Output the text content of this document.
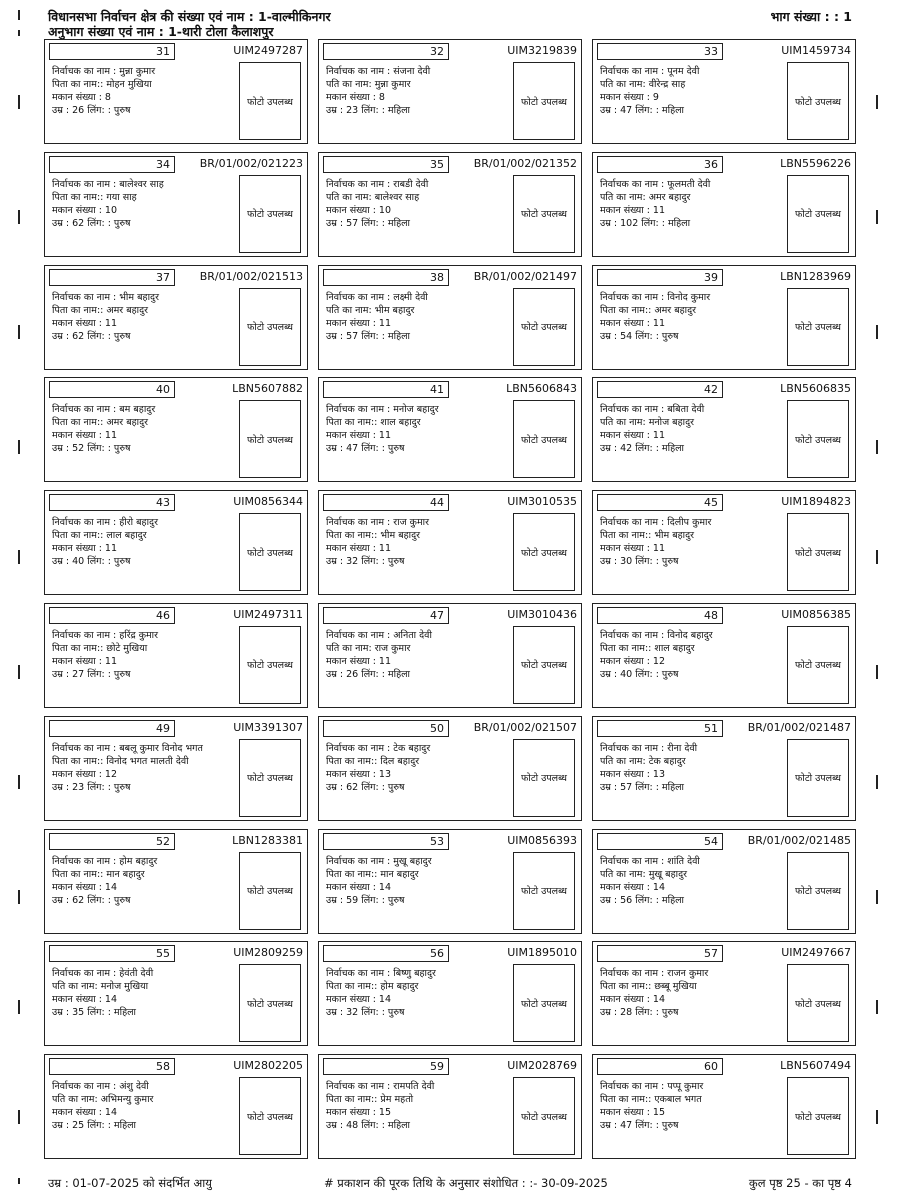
विधानसभा निर्वाचन क्षेत्र की संख्या एवं नाम : 1-वाल्मीकिनगर
अनुभाग संख्या एवं नाम : 1-थारी टोला कैलाशपुर
भाग संख्या : : 1
31	UIM2497287
निर्वाचक का नाम : मुन्ना कुमार
पिता का नाम:: मोहन मुखिया
मकान संख्या : 8
उम्र : 26 लिंग: : पुरुष
फोटो उपलब्ध
32	UIM3219839
निर्वाचक का नाम : संजना देवी
पति का नाम: मुन्ना कुमार
मकान संख्या : 8
उम्र : 23 लिंग: : महिला
फोटो उपलब्ध
33	UIM1459734
निर्वाचक का नाम : पूनम देवी
पति का नाम: वीरेन्द्र साह
मकान संख्या : 9
उम्र : 47 लिंग: : महिला
फोटो उपलब्ध
34	BR/01/002/021223
निर्वाचक का नाम : बालेश्वर साह
पिता का नाम:: गया साह
मकान संख्या : 10
उम्र : 62 लिंग: : पुरुष
फोटो उपलब्ध
35	BR/01/002/021352
निर्वाचक का नाम : राबडी देवी
पति का नाम: बालेश्वर साह
मकान संख्या : 10
उम्र : 57 लिंग: : महिला
फोटो उपलब्ध
36	LBN5596226
निर्वाचक का नाम : फूलमती देवी
पति का नाम: अमर बहादुर
मकान संख्या : 11
उम्र : 102 लिंग: : महिला
फोटो उपलब्ध
37	BR/01/002/021513
निर्वाचक का नाम : भीम बहादुर
पिता का नाम:: अमर बहादुर
मकान संख्या : 11
उम्र : 62 लिंग: : पुरुष
फोटो उपलब्ध
38	BR/01/002/021497
निर्वाचक का नाम : लक्ष्मी देवी
पति का नाम: भीम बहादुर
मकान संख्या : 11
उम्र : 57 लिंग: : महिला
फोटो उपलब्ध
39	LBN1283969
निर्वाचक का नाम : विनोद कुमार
पिता का नाम:: अमर बहादुर
मकान संख्या : 11
उम्र : 54 लिंग: : पुरुष
फोटो उपलब्ध
40	LBN5607882
निर्वाचक का नाम : बम बहादुर
पिता का नाम:: अमर बहादुर
मकान संख्या : 11
उम्र : 52 लिंग: : पुरुष
फोटो उपलब्ध
41	LBN5606843
निर्वाचक का नाम : मनोज बहादुर
पिता का नाम:: शाल बहादुर
मकान संख्या : 11
उम्र : 47 लिंग: : पुरुष
फोटो उपलब्ध
42	LBN5606835
निर्वाचक का नाम : बबिता देवी
पति का नाम: मनोज बहादुर
मकान संख्या : 11
उम्र : 42 लिंग: : महिला
फोटो उपलब्ध
43	UIM0856344
निर्वाचक का नाम : हीरो बहादुर
पिता का नाम:: लाल बहादुर
मकान संख्या : 11
उम्र : 40 लिंग: : पुरुष
फोटो उपलब्ध
44	UIM3010535
निर्वाचक का नाम : राज कुमार
पिता का नाम:: भीम बहादुर
मकान संख्या : 11
उम्र : 32 लिंग: : पुरुष
फोटो उपलब्ध
45	UIM1894823
निर्वाचक का नाम : दिलीप कुमार
पिता का नाम:: भीम बहादुर
मकान संख्या : 11
उम्र : 30 लिंग: : पुरुष
फोटो उपलब्ध
46	UIM2497311
निर्वाचक का नाम : हरिंद्र कुमार
पिता का नाम:: छोटे मुखिया
मकान संख्या : 11
उम्र : 27 लिंग: : पुरुष
फोटो उपलब्ध
47	UIM3010436
निर्वाचक का नाम : अनिता देवी
पति का नाम: राज कुमार
मकान संख्या : 11
उम्र : 26 लिंग: : महिला
फोटो उपलब्ध
48	UIM0856385
निर्वाचक का नाम : विनोद बहादुर
पिता का नाम:: शाल बहादुर
मकान संख्या : 12
उम्र : 40 लिंग: : पुरुष
फोटो उपलब्ध
49	UIM3391307
निर्वाचक का नाम : बबलू कुमार विनोद भगत
पिता का नाम:: विनोद भगत मालती देवी
मकान संख्या : 12
उम्र : 23 लिंग: : पुरुष
फोटो उपलब्ध
50	BR/01/002/021507
निर्वाचक का नाम : टेक बहादुर
पिता का नाम:: दिल बहादुर
मकान संख्या : 13
उम्र : 62 लिंग: : पुरुष
फोटो उपलब्ध
51	BR/01/002/021487
निर्वाचक का नाम : रीना देवी
पति का नाम: टेक बहादुर
मकान संख्या : 13
उम्र : 57 लिंग: : महिला
फोटो उपलब्ध
52	LBN1283381
निर्वाचक का नाम : होम बहादुर
पिता का नाम:: मान बहादुर
मकान संख्या : 14
उम्र : 62 लिंग: : पुरुष
फोटो उपलब्ध
53	UIM0856393
निर्वाचक का नाम : मुखू बहादुर
पिता का नाम:: मान बहादुर
मकान संख्या : 14
उम्र : 59 लिंग: : पुरुष
फोटो उपलब्ध
54	BR/01/002/021485
निर्वाचक का नाम : शांति देवी
पति का नाम: मुखू बहादुर
मकान संख्या : 14
उम्र : 56 लिंग: : महिला
फोटो उपलब्ध
55	UIM2809259
निर्वाचक का नाम : हेवंती देवी
पति का नाम: मनोज मुखिया
मकान संख्या : 14
उम्र : 35 लिंग: : महिला
फोटो उपलब्ध
56	UIM1895010
निर्वाचक का नाम : बिष्णु बहादुर
पिता का नाम:: होम बहादुर
मकान संख्या : 14
उम्र : 32 लिंग: : पुरुष
फोटो उपलब्ध
57	UIM2497667
निर्वाचक का नाम : राजन कुमार
पिता का नाम:: छब्बू मुखिया
मकान संख्या : 14
उम्र : 28 लिंग: : पुरुष
फोटो उपलब्ध
58	UIM2802205
निर्वाचक का नाम : अंशु देवी
पति का नाम: अभिमन्यु कुमार
मकान संख्या : 14
उम्र : 25 लिंग: : महिला
फोटो उपलब्ध
59	UIM2028769
निर्वाचक का नाम : रामपति देवी
पिता का नाम:: प्रेम महतो
मकान संख्या : 15
उम्र : 48 लिंग: : महिला
फोटो उपलब्ध
60	LBN5607494
निर्वाचक का नाम : पप्पू कुमार
पिता का नाम:: एकबाल भगत
मकान संख्या : 15
उम्र : 47 लिंग: : पुरुष
फोटो उपलब्ध
उम्र : 01-07-2025 को संदर्भित आयु	# प्रकाशन की पूरक तिथि के अनुसार संशोधित : :- 30-09-2025	कुल पृष्ठ 25 - का पृष्ठ 4
